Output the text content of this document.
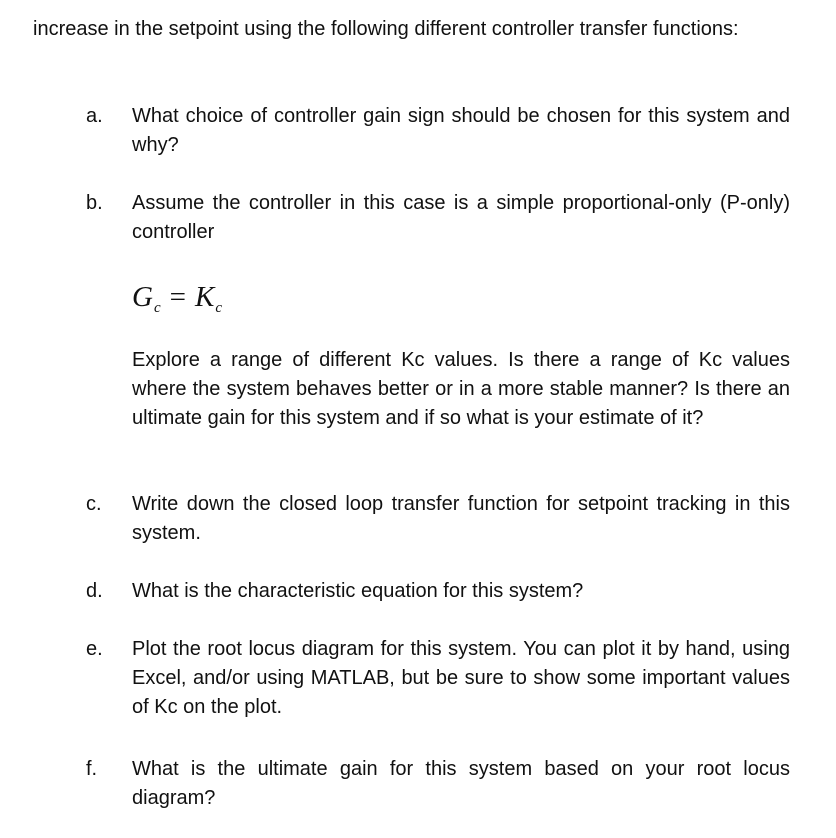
increase in the setpoint using the following different controller transfer functions:
a. What choice of controller gain sign should be chosen for this system and why?
b. Assume the controller in this case is a simple proportional-only (P-only) controller
$G_c = K_c$
Explore a range of different Kc values. Is there a range of Kc values where the system behaves better or in a more stable manner? Is there an ultimate gain for this system and if so what is your estimate of it?
c. Write down the closed loop transfer function for setpoint tracking in this system.
d. What is the characteristic equation for this system?
e. Plot the root locus diagram for this system. You can plot it by hand, using Excel, and/or using MATLAB, but be sure to show some important values of Kc on the plot.
f. What is the ultimate gain for this system based on your root locus diagram?
